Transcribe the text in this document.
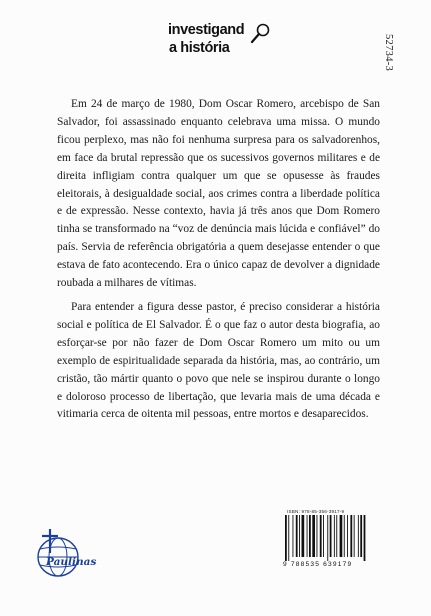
investigand
a história	52734-3

Em 24 de março de 1980, Dom Oscar Romero, arcebispo de San Salvador, foi assassinado enquanto celebrava uma missa. O mundo ficou perplexo, mas não foi nenhuma surpresa para os salvadorenhos, em face da brutal repressão que os sucessivos governos militares e de direita infligiam contra qualquer um que se opusesse às fraudes eleitorais, à desigualdade social, aos crimes contra a liberdade política e de expressão. Nesse contexto, havia já três anos que Dom Romero tinha se transformado na “voz de denúncia mais lúcida e confiável” do país. Servia de referência obrigatória a quem desejasse entender o que estava de fato acontecendo. Era o único capaz de devolver a dignidade roubada a milhares de vítimas.

Para entender a figura desse pastor, é preciso considerar a história social e política de El Salvador. É o que faz o autor desta biografia, ao esforçar-se por não fazer de Dom Oscar Romero um mito ou um exemplo de espiritualidade separada da história, mas, ao contrário, um cristão, tão mártir quanto o povo que nele se inspirou durante o longo e doloroso processo de libertação, que levaria mais de uma década e vitimaria cerca de oitenta mil pessoas, entre mortos e desaparecidos.

ISBN: 978-85-356-3917-9
9 788535 639179
Paulinas
